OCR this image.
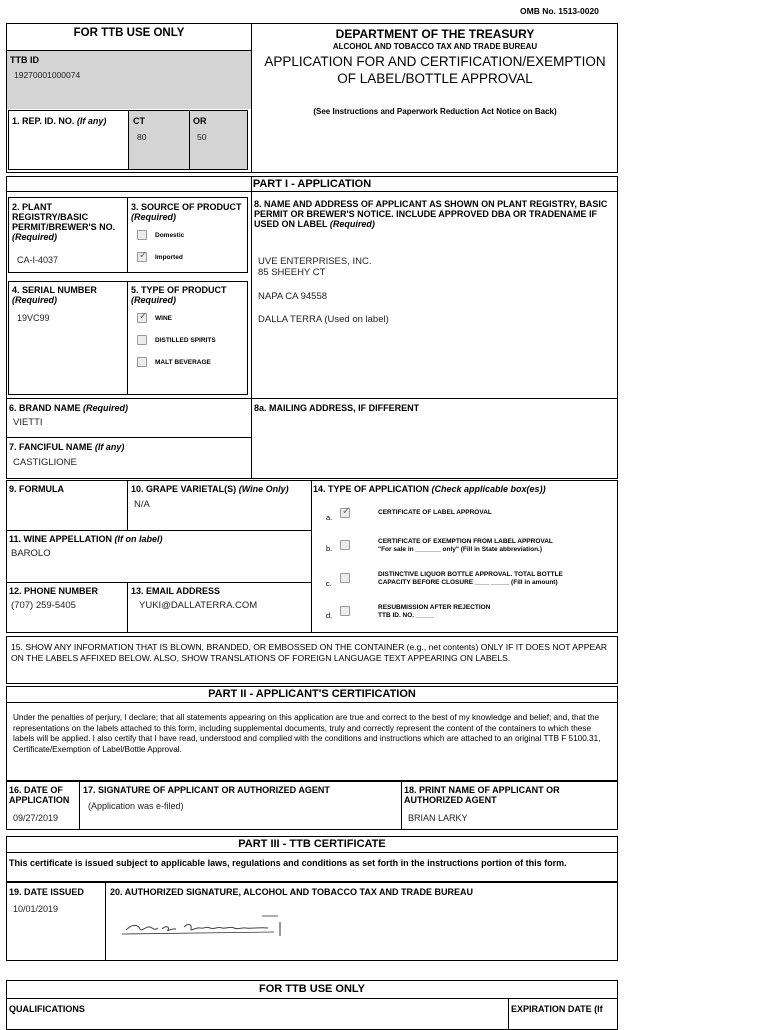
OMB No. 1513-0020
FOR TTB USE ONLY
TTB ID
19270001000074
1. REP. ID. NO. (If any)	CT
80
OR
50
DEPARTMENT OF THE TREASURY
ALCOHOL AND TOBACCO TAX AND TRADE BUREAU
APPLICATION FOR AND CERTIFICATION/EXEMPTION OF LABEL/BOTTLE APPROVAL
(See Instructions and Paperwork Reduction Act Notice on Back)
PART I - APPLICATION
2. PLANT REGISTRY/BASIC PERMIT/BREWER'S NO. (Required)
CA-I-4037
3. SOURCE OF PRODUCT (Required)
Domestic
✓ Imported
4. SERIAL NUMBER
(Required)
19VC99
5. TYPE OF PRODUCT
(Required)
✓ WINE
DISTILLED SPIRITS
MALT BEVERAGE
8. NAME AND ADDRESS OF APPLICANT AS SHOWN ON PLANT REGISTRY, BASIC PERMIT OR BREWER'S NOTICE. INCLUDE APPROVED DBA OR TRADENAME IF USED ON LABEL (Required)
UVE ENTERPRISES, INC.
85 SHEEHY CT
NAPA CA 94558
DALLA TERRA (Used on label)
6. BRAND NAME (Required)
VIETTI
8a. MAILING ADDRESS, IF DIFFERENT
7. FANCIFUL NAME (If any)
CASTIGLIONE
9. FORMULA	10. GRAPE VARIETAL(S) (Wine Only)
N/A
14. TYPE OF APPLICATION (Check applicable box(es))
a.
✓	CERTIFICATE OF LABEL APPROVAL
b.
CERTIFICATE OF EXEMPTION FROM LABEL APPROVAL
"For sale in _______ only" (Fill in State abbreviation.)
c.
DISTINCTIVE LIQUOR BOTTLE APPROVAL. TOTAL BOTTLE
CAPACITY BEFORE CLOSURE ____ _____ (Fill in amount)
d.
RESUBMISSION AFTER REJECTION
TTB ID. NO. _____
11. WINE APPELLATION (If on label)
BAROLO
12. PHONE NUMBER
(707) 259-5405
13. EMAIL ADDRESS
YUKI@DALLATERRA.COM
15. SHOW ANY INFORMATION THAT IS BLOWN, BRANDED, OR EMBOSSED ON THE CONTAINER (e.g., net contents) ONLY IF IT DOES NOT APPEAR ON THE LABELS AFFIXED BELOW. ALSO, SHOW TRANSLATIONS OF FOREIGN LANGUAGE TEXT APPEARING ON LABELS.
PART II - APPLICANT'S CERTIFICATION
Under the penalties of perjury, I declare; that all statements appearing on this application are true and correct to the best of my knowledge and belief; and, that the representations on the labels attached to this form, including supplemental documents, truly and correctly represent the content of the containers to which these labels will be applied. I also certify that I have read, understood and complied with the conditions and instructions which are attached to an original TTB F 5100.31, Certificate/Exemption of Label/Bottle Approval.
16. DATE OF APPLICATION
09/27/2019
17. SIGNATURE OF APPLICANT OR AUTHORIZED AGENT
(Application was e-filed)
18. PRINT NAME OF APPLICANT OR AUTHORIZED AGENT
BRIAN LARKY
PART III - TTB CERTIFICATE
This certificate is issued subject to applicable laws, regulations and conditions as set forth in the instructions portion of this form.
19. DATE ISSUED
10/01/2019
20. AUTHORIZED SIGNATURE, ALCOHOL AND TOBACCO TAX AND TRADE BUREAU
FOR TTB USE ONLY
QUALIFICATIONS	EXPIRATION DATE (If
